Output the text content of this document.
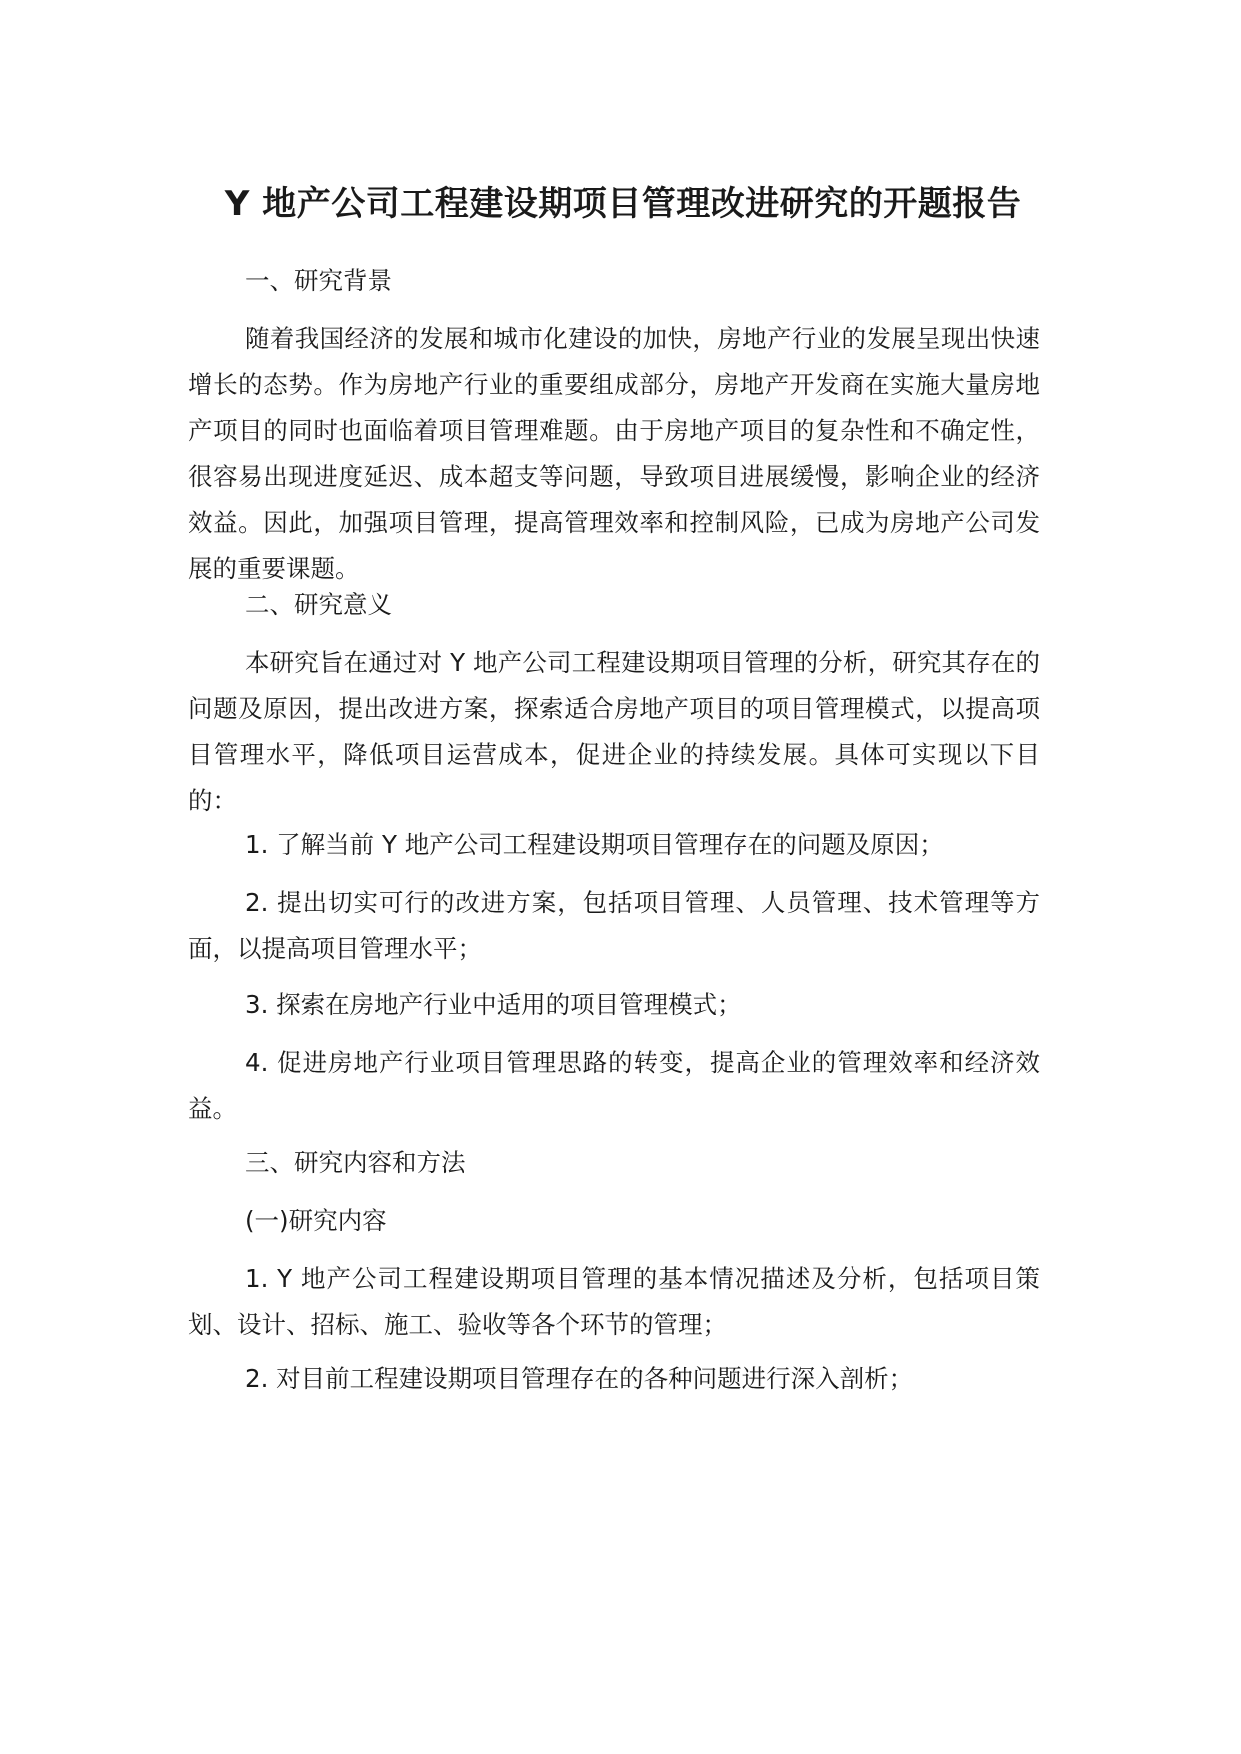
Y 地产公司工程建设期项目管理改进研究的开题报告

一、研究背景

随着我国经济的发展和城市化建设的加快，房地产行业的发展呈现出快速增长的态势。作为房地产行业的重要组成部分，房地产开发商在实施大量房地产项目的同时也面临着项目管理难题。由于房地产项目的复杂性和不确定性，很容易出现进度延迟、成本超支等问题，导致项目进展缓慢，影响企业的经济效益。因此，加强项目管理，提高管理效率和控制风险，已成为房地产公司发展的重要课题。

二、研究意义

本研究旨在通过对 Y 地产公司工程建设期项目管理的分析，研究其存在的问题及原因，提出改进方案，探索适合房地产项目的项目管理模式，以提高项目管理水平，降低项目运营成本，促进企业的持续发展。具体可实现以下目的：

1. 了解当前 Y 地产公司工程建设期项目管理存在的问题及原因；

2. 提出切实可行的改进方案，包括项目管理、人员管理、技术管理等方面，以提高项目管理水平；

3. 探索在房地产行业中适用的项目管理模式；

4. 促进房地产行业项目管理思路的转变，提高企业的管理效率和经济效益。

三、研究内容和方法

(一)研究内容

1. Y 地产公司工程建设期项目管理的基本情况描述及分析，包括项目策划、设计、招标、施工、验收等各个环节的管理；

2. 对目前工程建设期项目管理存在的各种问题进行深入剖析；
